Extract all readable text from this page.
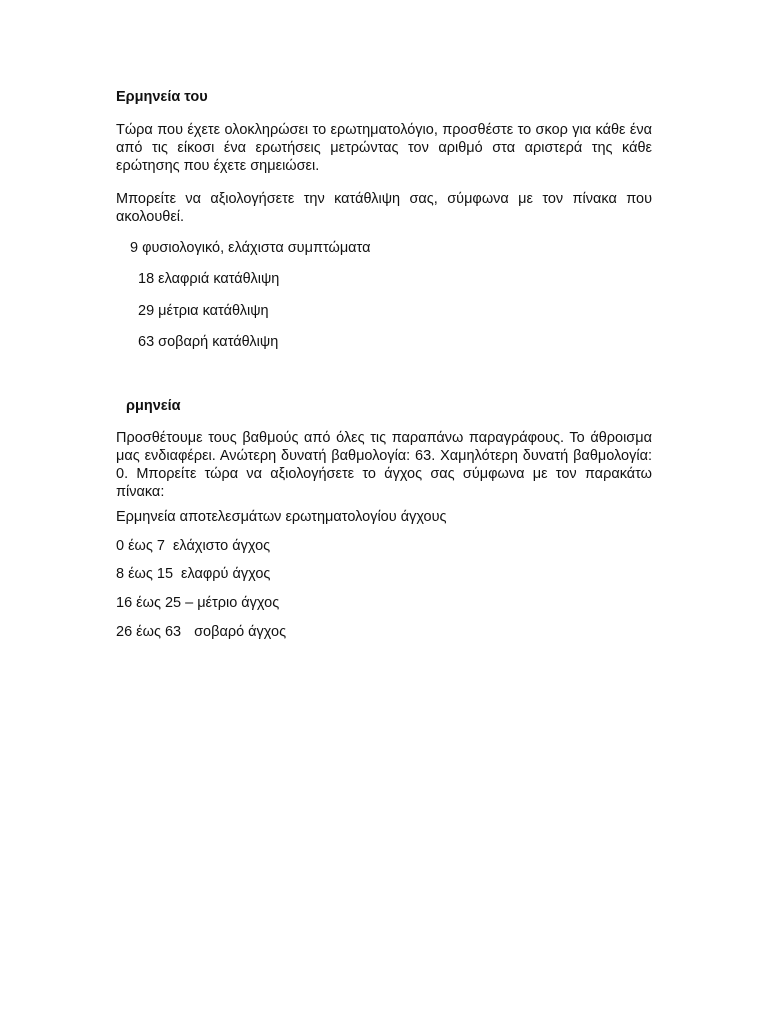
Ερμηνεία του
Τώρα που έχετε ολοκληρώσει το ερωτηματολόγιο, προσθέστε το σκορ για κάθε ένα από τις είκοσι ένα ερωτήσεις μετρώντας τον αριθμό στα αριστερά της κάθε ερώτησης που έχετε σημειώσει.
Μπορείτε να αξιολογήσετε την κατάθλιψη σας, σύμφωνα με τον πίνακα που ακολουθεί.
9 φυσιολογικό, ελάχιστα συμπτώματα
18 ελαφριά κατάθλιψη
29 μέτρια κατάθλιψη
63 σοβαρή κατάθλιψη
ρμηνεία
Προσθέτουμε τους βαθμούς από όλες τις παραπάνω παραγράφους. Το άθροισμα μας ενδιαφέρει. Ανώτερη δυνατή βαθμολογία: 63. Χαμηλότερη δυνατή βαθμολογία: 0. Μπορείτε τώρα να αξιολογήσετε το άγχος σας σύμφωνα με τον παρακάτω πίνακα:
Ερμηνεία αποτελεσμάτων ερωτηματολογίου άγχους
0 έως 7 ελάχιστο άγχος
8 έως 15 ελαφρύ άγχος
16 έως 25 – μέτριο άγχος
26 έως 63 σοβαρό άγχος
